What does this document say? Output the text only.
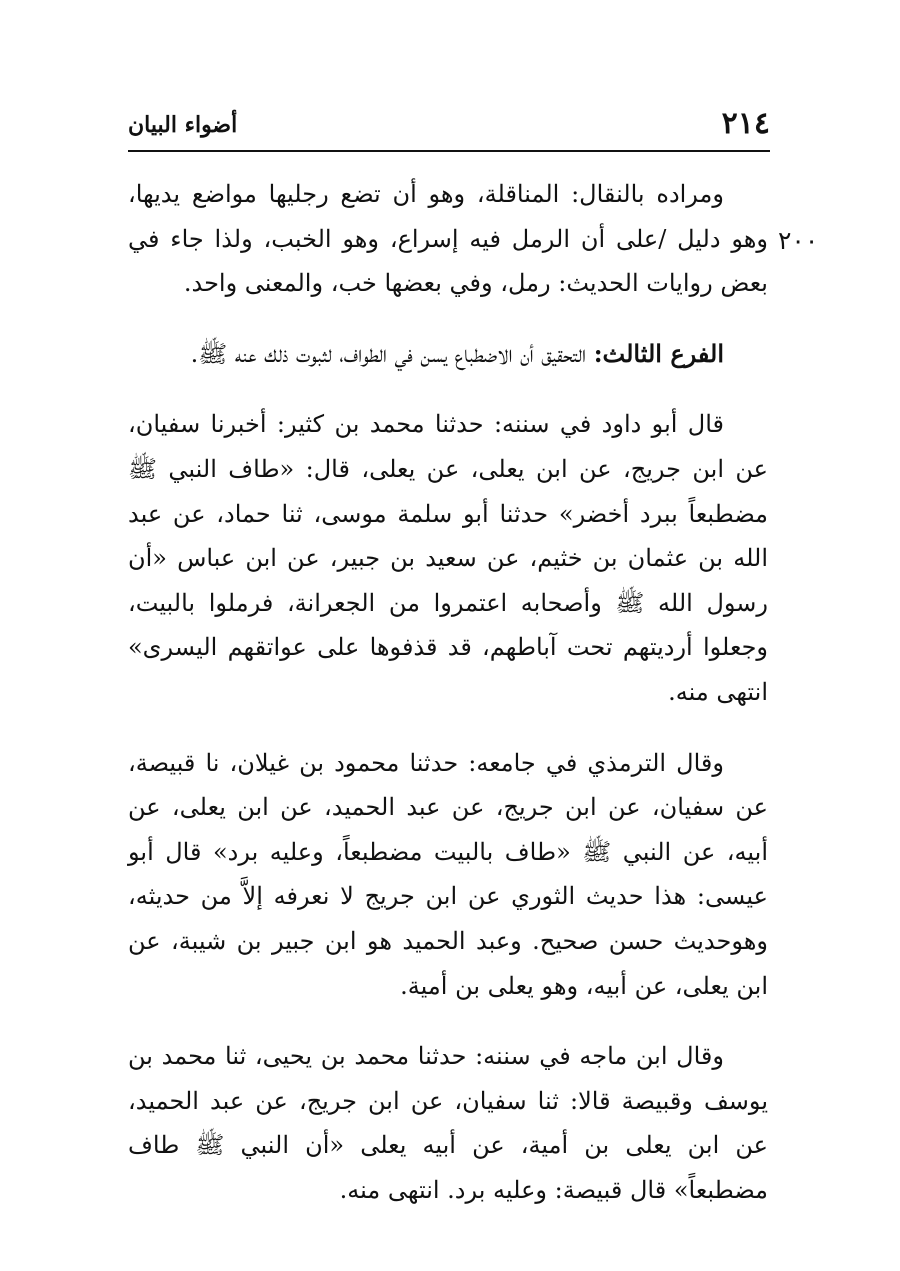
٢١٤
أضواء البيان
٢٠٠

ومراده بالنقال: المناقلة، وهو أن تضع رجليها مواضع يديها، وهو دليل /على أن الرمل فيه إسراع، وهو الخبب، ولذا جاء في بعض روايات الحديث: رمل، وفي بعضها خب، والمعنى واحد.

الفرع الثالث: التحقيق أن الاضطباع يسن في الطواف، لثبوت ذلك عنه ﷺ.

قال أبو داود في سننه: حدثنا محمد بن كثير: أخبرنا سفيان، عن ابن جريج، عن ابن يعلى، عن يعلى، قال: «طاف النبي ﷺ مضطبعاً ببرد أخضر» حدثنا أبو سلمة موسى، ثنا حماد، عن عبد الله بن عثمان بن خثيم، عن سعيد بن جبير، عن ابن عباس «أن رسول الله ﷺ وأصحابه اعتمروا من الجعرانة، فرملوا بالبيت، وجعلوا أرديتهم تحت آباطهم، قد قذفوها على عواتقهم اليسرى» انتهى منه.

وقال الترمذي في جامعه: حدثنا محمود بن غيلان، نا قبيصة، عن سفيان، عن ابن جريج، عن عبد الحميد، عن ابن يعلى، عن أبيه، عن النبي ﷺ «طاف بالبيت مضطبعاً، وعليه برد» قال أبو عيسى: هذا حديث الثوري عن ابن جريج لا نعرفه إلاَّ من حديثه، وهوحديث حسن صحيح. وعبد الحميد هو ابن جبير بن شيبة، عن ابن يعلى، عن أبيه، وهو يعلى بن أمية.

وقال ابن ماجه في سننه: حدثنا محمد بن يحيى، ثنا محمد بن يوسف وقبيصة قالا: ثنا سفيان، عن ابن جريج، عن عبد الحميد، عن ابن يعلى بن أمية، عن أبيه يعلى «أن النبي ﷺ طاف مضطبعاً» قال قبيصة: وعليه برد. انتهى منه.
